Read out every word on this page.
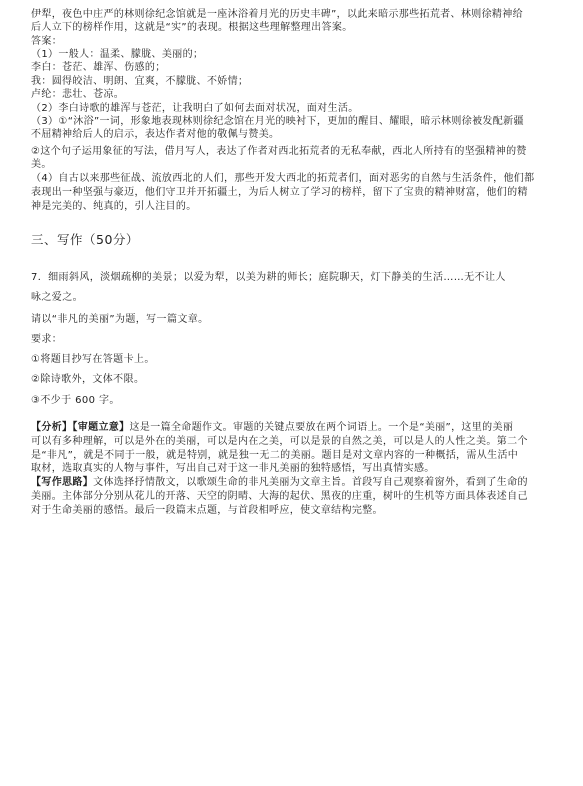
伊犁，夜色中庄严的林则徐纪念馆就是一座沐浴着月光的历史丰碑”，以此来暗示那些拓荒者、林则徐精神给
后人立下的榜样作用，这就是“实”的表现。根据这些理解整理出答案。
答案：
（1）一般人：温柔、朦胧、美丽的；
李白：苍茫、雄浑、伤感的；
我：圆得皎洁、明朗、宜爽，不朦胧、不娇情；
卢纶：悲壮、苍凉。
（2）李白诗歌的雄浑与苍茫，让我明白了如何去面对状况，面对生活。
（3）①“沐浴”一词，形象地表现林则徐纪念馆在月光的映衬下，更加的醒目、耀眼，暗示林则徐被发配新疆
不屈精神给后人的启示，表达作者对他的敬佩与赞美。
②这个句子运用象征的写法，借月写人，表达了作者对西北拓荒者的无私奉献，西北人所持有的坚强精神的赞
美。
（4）自古以来那些征战、流放西北的人们，那些开发大西北的拓荒者们，面对恶劣的自然与生活条件，他们都
表现出一种坚强与豪迈，他们守卫并开拓疆土，为后人树立了学习的榜样，留下了宝贵的精神财富，他们的精
神是完美的、纯真的，引人注目的。
三、写作（50分）
7．细雨斜风，淡烟疏柳的美景；以爱为犁，以美为耕的师长；庭院聊天，灯下静美的生活……无不让人
咏之爱之。
请以“非凡的美丽”为题，写一篇文章。
要求：
①将题目抄写在答题卡上。
②除诗歌外，文体不限。
③不少于 600 字。
【分析】【审题立意】这是一篇全命题作文。审题的关键点要放在两个词语上。一个是“美丽”，这里的美丽
可以有多种理解，可以是外在的美丽，可以是内在之美，可以是景的自然之美，可以是人的人性之美。第二个
是“非凡”，就是不同于一般，就是特别，就是独一无二的美丽。题目是对文章内容的一种概括，需从生活中
取材，选取真实的人物与事件，写出自己对于这一非凡美丽的独特感悟，写出真情实感。
【写作思路】文体选择抒情散文，以歌颂生命的非凡美丽为文章主旨。首段写自己观察着窗外，看到了生命的
美丽。主体部分分别从花儿的开落、天空的阴晴、大海的起伏、黑夜的庄重，树叶的生机等方面具体表述自己
对于生命美丽的感悟。最后一段篇末点题，与首段相呼应，使文章结构完整。
